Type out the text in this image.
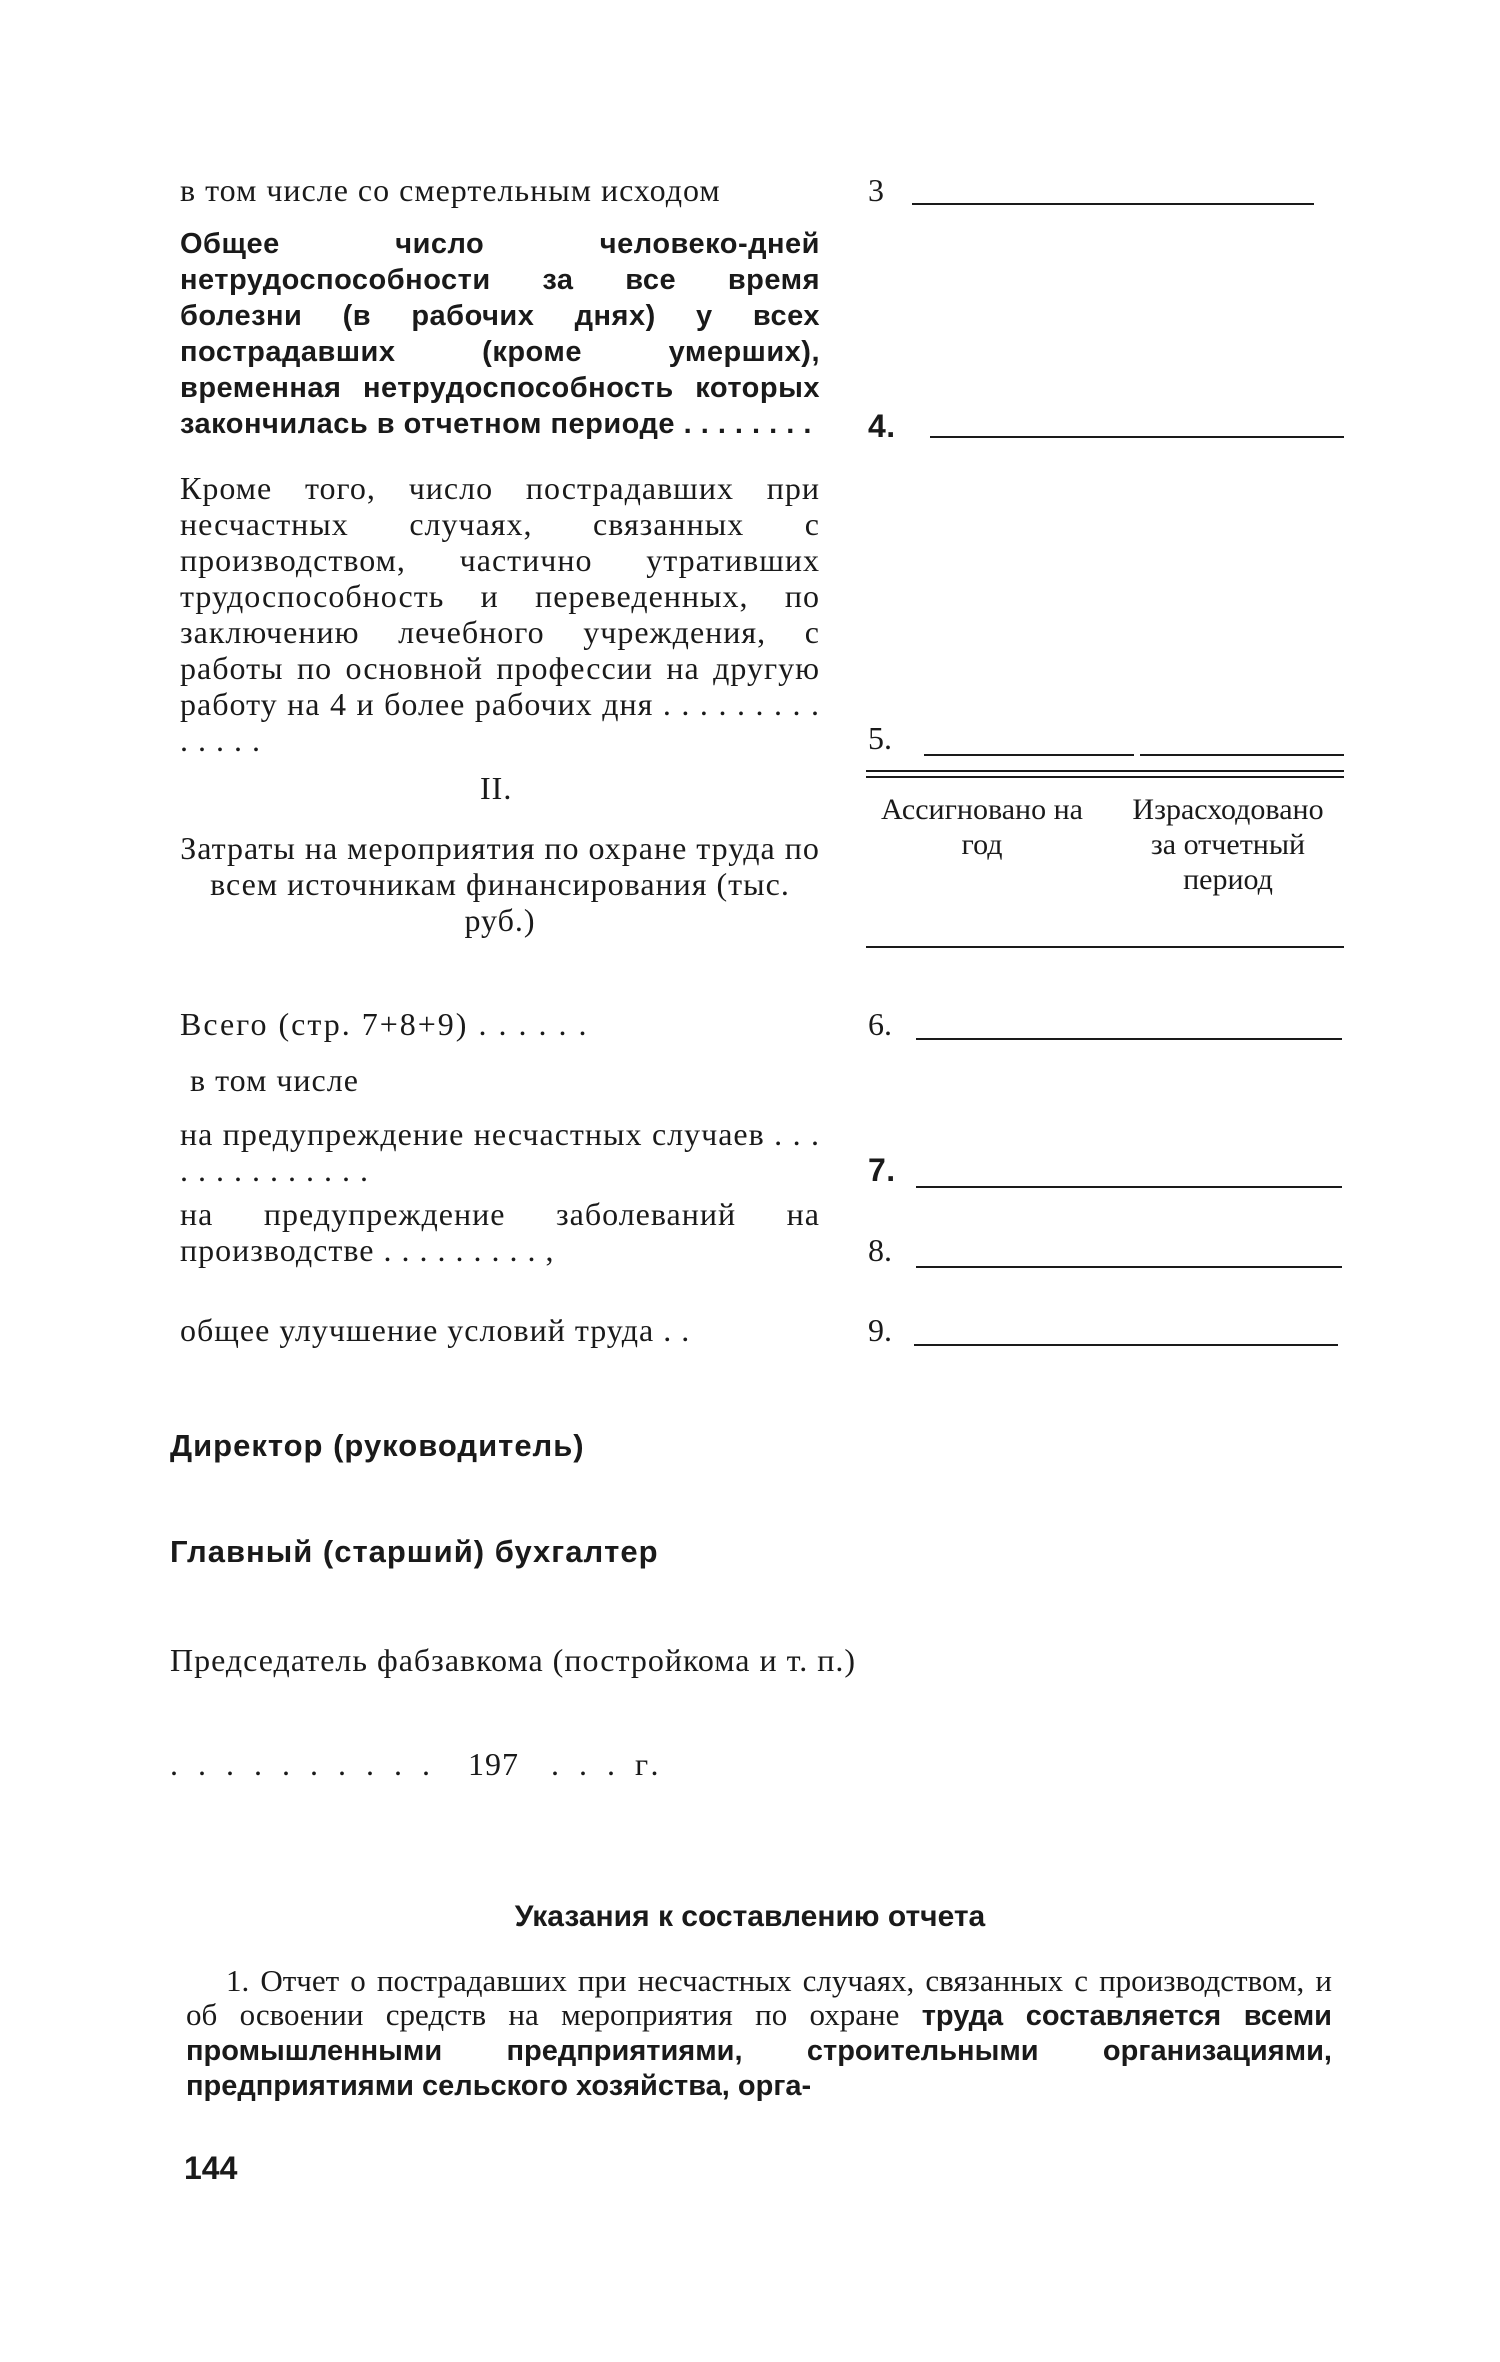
в том числе со смертельным исходом	3
Общее число человеко-дней нетрудоспособности за все время болезни (в рабочих днях) у всех пострадавших (кроме умерших), временная нетрудоспособность которых закончилась в отчетном периоде . . . . . . . . 4.
Кроме того, число пострадавших при несчастных случаях, связанных с производством, частично утративших трудоспособность и переведенных, по заключению лечебного учреждения, с работы по основной профессии на другую работу на 4 и более рабочих дня . . . . . . . . . . . . . .	5.
II.
Затраты на мероприятия по охране труда по всем источникам финансирования (тыс. руб.)
Ассигновано на год
Израсходовано за отчетный период
Всего (стр. 7+8+9) . . . . . .	6.
в том числе
на предупреждение несчастных случаев . . . . . . . . . . . . . .	7.
на предупреждение заболеваний на производстве . . . . . . . . . ,	8.
общее улучшение условий труда . .	9.
Директор (руководитель)
Главный (старший) бухгалтер
Председатель фабзавкома (постройкома и т. п.)
. . . . . . . . . . 197 . . . г.
Указания к составлению отчета
1. Отчет о пострадавших при несчастных случаях, связанных с производством, и об освоении средств на мероприятия по охране труда составляется всеми промышленными предприятиями, строительными организациями, предприятиями сельского хозяйства, орга-
144
